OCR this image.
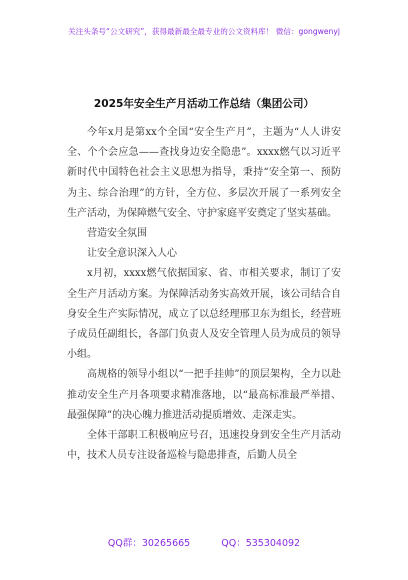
关注头条号“公文研究”，获得最新最全最专业的公文资料库！ 微信：gongwenyj
2025年安全生产月活动工作总结（集团公司）

今年x月是第xx个全国“安全生产月”，主题为“人人讲安全、个个会应急——查找身边安全隐患”。xxxx燃气以习近平新时代中国特色社会主义思想为指导，秉持“安全第一、预防为主、综合治理”的方针，全方位、多层次开展了一系列安全生产活动，为保障燃气安全、守护家庭平安奠定了坚实基础。

营造安全氛围

让安全意识深入人心

x月初，xxxx燃气依据国家、省、市相关要求，制订了安全生产月活动方案。为保障活动务实高效开展，该公司结合自身安全生产实际情况，成立了以总经理邢卫东为组长，经营班子成员任副组长，各部门负责人及安全管理人员为成员的领导小组。

高规格的领导小组以“一把手挂帅”的顶层架构，全力以赴推动安全生产月各项要求精准落地，以“最高标准最严举措、最强保障”的决心魄力推进活动提质增效、走深走实。

全体干部职工积极响应号召，迅速投身到安全生产月活动中，技术人员专注设备巡检与隐患排查，后勤人员全

QQ群：30265665	QQ：535304092
